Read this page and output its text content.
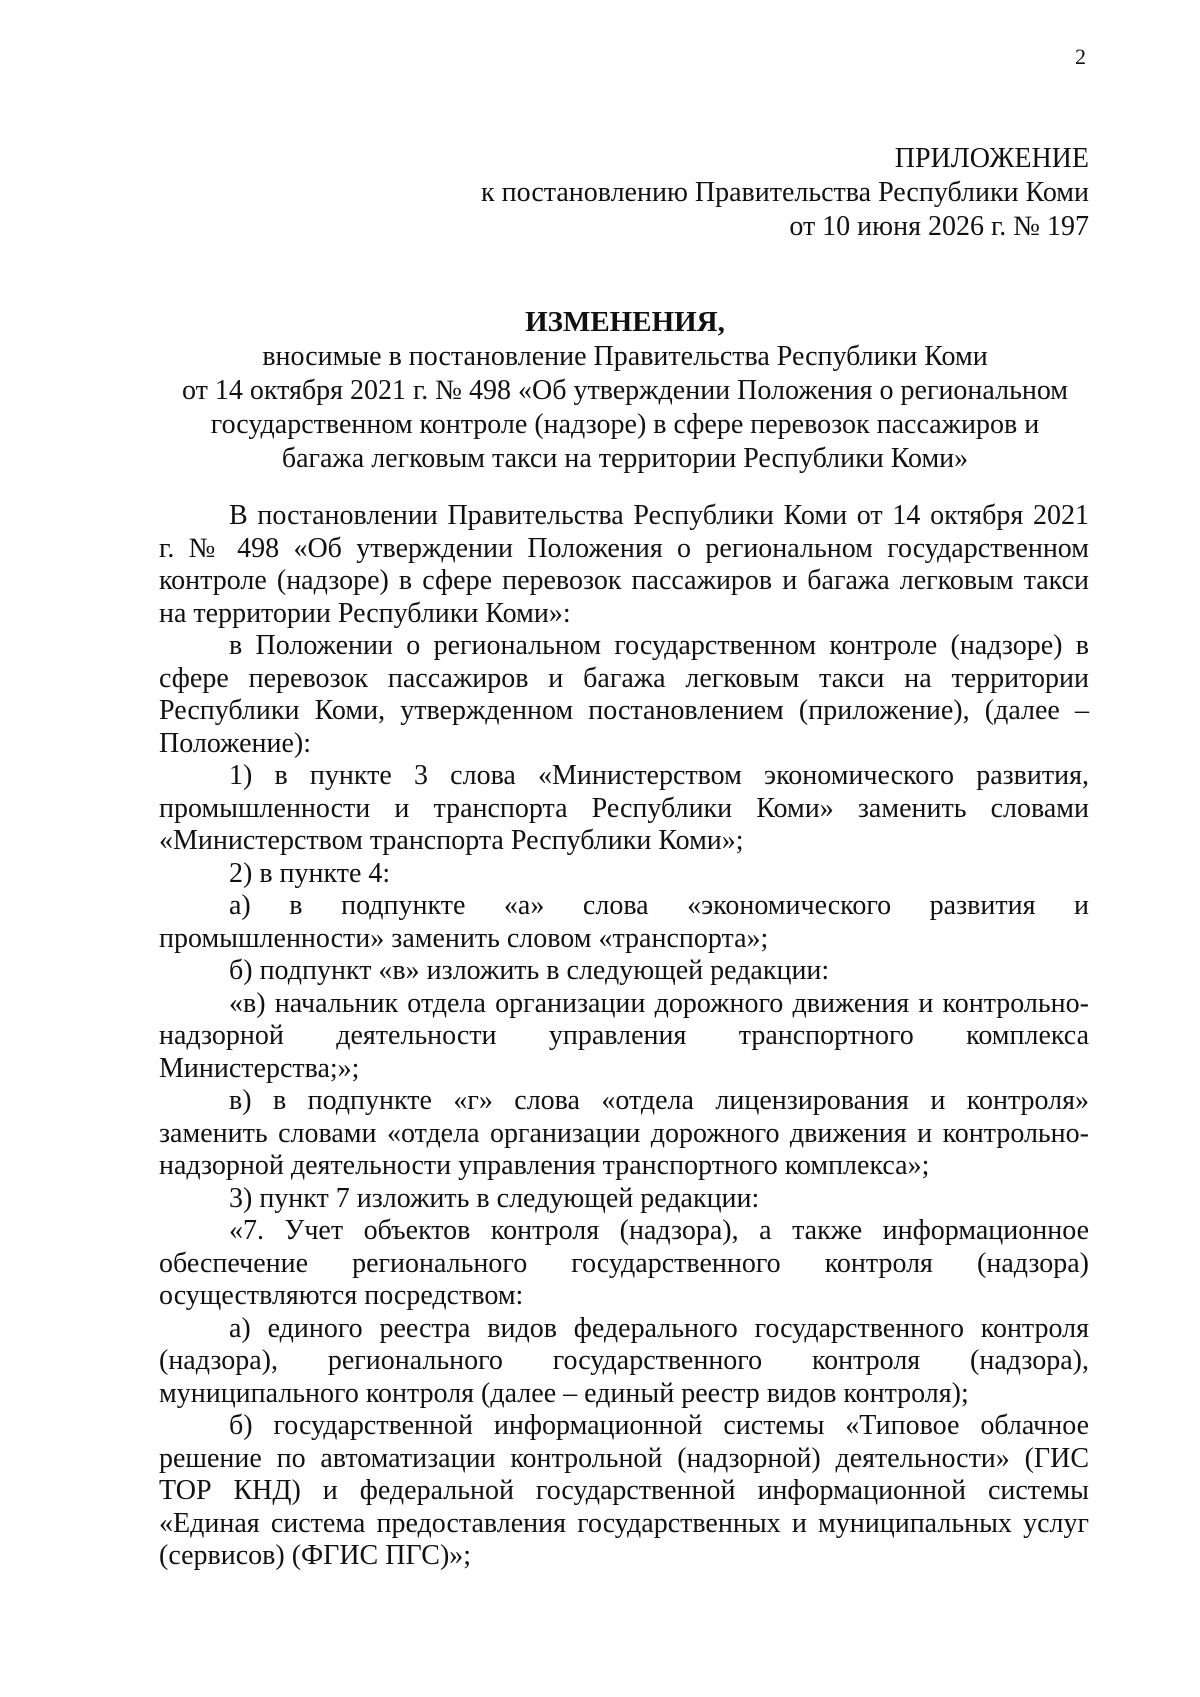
2
ПРИЛОЖЕНИЕ
к постановлению Правительства Республики Коми
от 10 июня 2026 г. № 197
ИЗМЕНЕНИЯ,
вносимые в постановление Правительства Республики Коми
от 14 октября 2021 г. № 498 «Об утверждении Положения о региональном
государственном контроле (надзоре) в сфере перевозок пассажиров и
багажа легковым такси на территории Республики Коми»

В постановлении Правительства Республики Коми от 14 октября 2021 г. № 498 «Об утверждении Положения о региональном государственном контроле (надзоре) в сфере перевозок пассажиров и багажа легковым такси на территории Республики Коми»:

в Положении о региональном государственном контроле (надзоре) в сфере перевозок пассажиров и багажа легковым такси на территории Республики Коми, утвержденном постановлением (приложение), (далее – Положение):

1) в пункте 3 слова «Министерством экономического развития, промышленности и транспорта Республики Коми» заменить словами «Министерством транспорта Республики Коми»;

2) в пункте 4:

а) в подпункте «а» слова «экономического развития и промышленности» заменить словом «транспорта»;

б) подпункт «в» изложить в следующей редакции:

«в) начальник отдела организации дорожного движения и контрольно-надзорной деятельности управления транспортного комплекса Министерства;»;

в) в подпункте «г» слова «отдела лицензирования и контроля» заменить словами «отдела организации дорожного движения и контрольно-надзорной деятельности управления транспортного комплекса»;

3) пункт 7 изложить в следующей редакции:

«7. Учет объектов контроля (надзора), а также информационное обеспечение регионального государственного контроля (надзора) осуществляются посредством:

а) единого реестра видов федерального государственного контроля (надзора), регионального государственного контроля (надзора), муниципального контроля (далее – единый реестр видов контроля);

б) государственной информационной системы «Типовое облачное решение по автоматизации контрольной (надзорной) деятельности» (ГИС ТОР КНД) и федеральной государственной информационной системы «Единая система предоставления государственных и муниципальных услуг (сервисов) (ФГИС ПГС)»;
